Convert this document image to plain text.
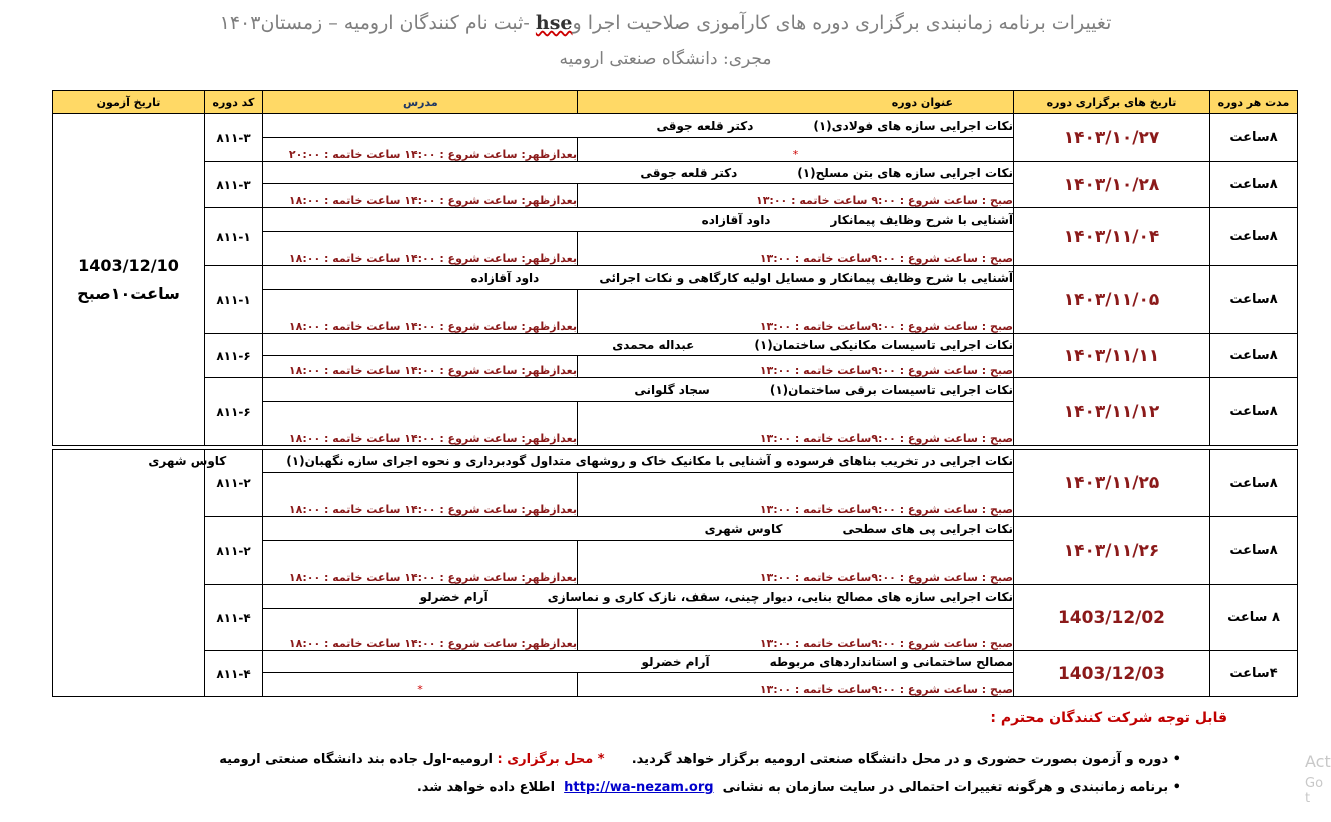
تغییرات برنامه زمانبندی برگزاری دوره های کارآموزی صلاحیت اجرا وhse -ثبت نام کنندگان ارومیه – زمستان۱۴۰۳
مجری: دانشگاه صنعتی ارومیه
مدت هر دوره	تاریخ های برگزاری دوره	عنوان دوره	مدرس	کد دوره	تاریخ آزمون
۸ساعت	۱۴۰۳/۱۰/۲۷	نکات اجرایی سازه های فولادی(۱)دکتر قلعه جوقی		۸۱۱-۳	1403/12/10
ساعت۱۰صبح

		*	بعدازظهر: ساعت شروع : ۱۴:۰۰ ساعت خاتمه : ۲۰:۰۰		
۸ساعت	۱۴۰۳/۱۰/۲۸	نکات اجرایی سازه های بتن مسلح(۱)دکتر قلعه جوقی		۸۱۱-۳	
		صبح : ساعت شروع : ۹:۰۰ ساعت خاتمه : ۱۳:۰۰	بعدازظهر: ساعت شروع : ۱۴:۰۰ ساعت خاتمه : ۱۸:۰۰		
۸ساعت	۱۴۰۳/۱۱/۰۴	آشنایی با شرح وظایف پیمانکارداود آقازاده		۸۱۱-۱	
		صبح : ساعت شروع : ۹:۰۰ساعت خاتمه : ۱۳:۰۰	بعدازظهر: ساعت شروع : ۱۴:۰۰ ساعت خاتمه : ۱۸:۰۰		
۸ساعت	۱۴۰۳/۱۱/۰۵	آشنایی با شرح وظایف پیمانکار و مسایل اولیه کارگاهی و نکات اجرائیداود آقازاده		۸۱۱-۱	
		صبح : ساعت شروع : ۹:۰۰ساعت خاتمه : ۱۳:۰۰	بعدازظهر: ساعت شروع : ۱۴:۰۰ ساعت خاتمه : ۱۸:۰۰		
۸ساعت	۱۴۰۳/۱۱/۱۱	نکات اجرایی تاسیسات مکانیکی ساختمان(۱)عبداله محمدی		۸۱۱-۶	
		صبح : ساعت شروع : ۹:۰۰ساعت خاتمه : ۱۳:۰۰	بعدازظهر: ساعت شروع : ۱۴:۰۰ ساعت خاتمه : ۱۸:۰۰		
۸ساعت	۱۴۰۳/۱۱/۱۲	نکات اجرایی تاسیسات برقی ساختمان(۱)سجاد گلوانی		۸۱۱-۶	
		صبح : ساعت شروع : ۹:۰۰ساعت خاتمه : ۱۳:۰۰	بعدازظهر: ساعت شروع : ۱۴:۰۰ ساعت خاتمه : ۱۸:۰۰		

۸ساعت	۱۴۰۳/۱۱/۲۵	نکات اجرایی در تخریب بناهای فرسوده و آشنایی با مکانیک خاک و روشهای متداول گودبرداری و نحوه اجرای سازه نگهبان(۱)کاوس شهری		۸۱۱-۲	
		صبح : ساعت شروع : ۹:۰۰ساعت خاتمه : ۱۳:۰۰	بعدازظهر: ساعت شروع : ۱۴:۰۰ ساعت خاتمه : ۱۸:۰۰		
۸ساعت	۱۴۰۳/۱۱/۲۶	نکات اجرایی پی های سطحیکاوس شهری		۸۱۱-۲	
		صبح : ساعت شروع : ۹:۰۰ساعت خاتمه : ۱۳:۰۰	بعدازظهر: ساعت شروع : ۱۴:۰۰ ساعت خاتمه : ۱۸:۰۰		
۸ ساعت	1403/12/02	نکات اجرایی سازه های مصالح بنایی، دیوار چینی، سقف، نازک کاری و نماسازیآرام خضرلو		۸۱۱-۴	
		صبح : ساعت شروع : ۹:۰۰ساعت خاتمه : ۱۳:۰۰	بعدازظهر: ساعت شروع : ۱۴:۰۰ ساعت خاتمه : ۱۸:۰۰		
۴ساعت	1403/12/03	مصالح ساختمانی و استانداردهای مربوطهآرام خضرلو		۸۱۱-۴	
		صبح : ساعت شروع : ۹:۰۰ساعت خاتمه : ۱۳:۰۰	*		
قابل توجه شرکت کنندگان محترم :
• دوره و آزمون بصورت حضوری و در محل دانشگاه صنعتی ارومیه برگزار خواهد گردید.      * محل برگزاری : ارومیه-اول جاده بند دانشگاه صنعتی ارومیه
• برنامه زمانبندی و هرگونه تغییرات احتمالی در سایت سازمان به نشانی  http://wa-nezam.org  اطلاع داده خواهد شد.
Act
Go t
